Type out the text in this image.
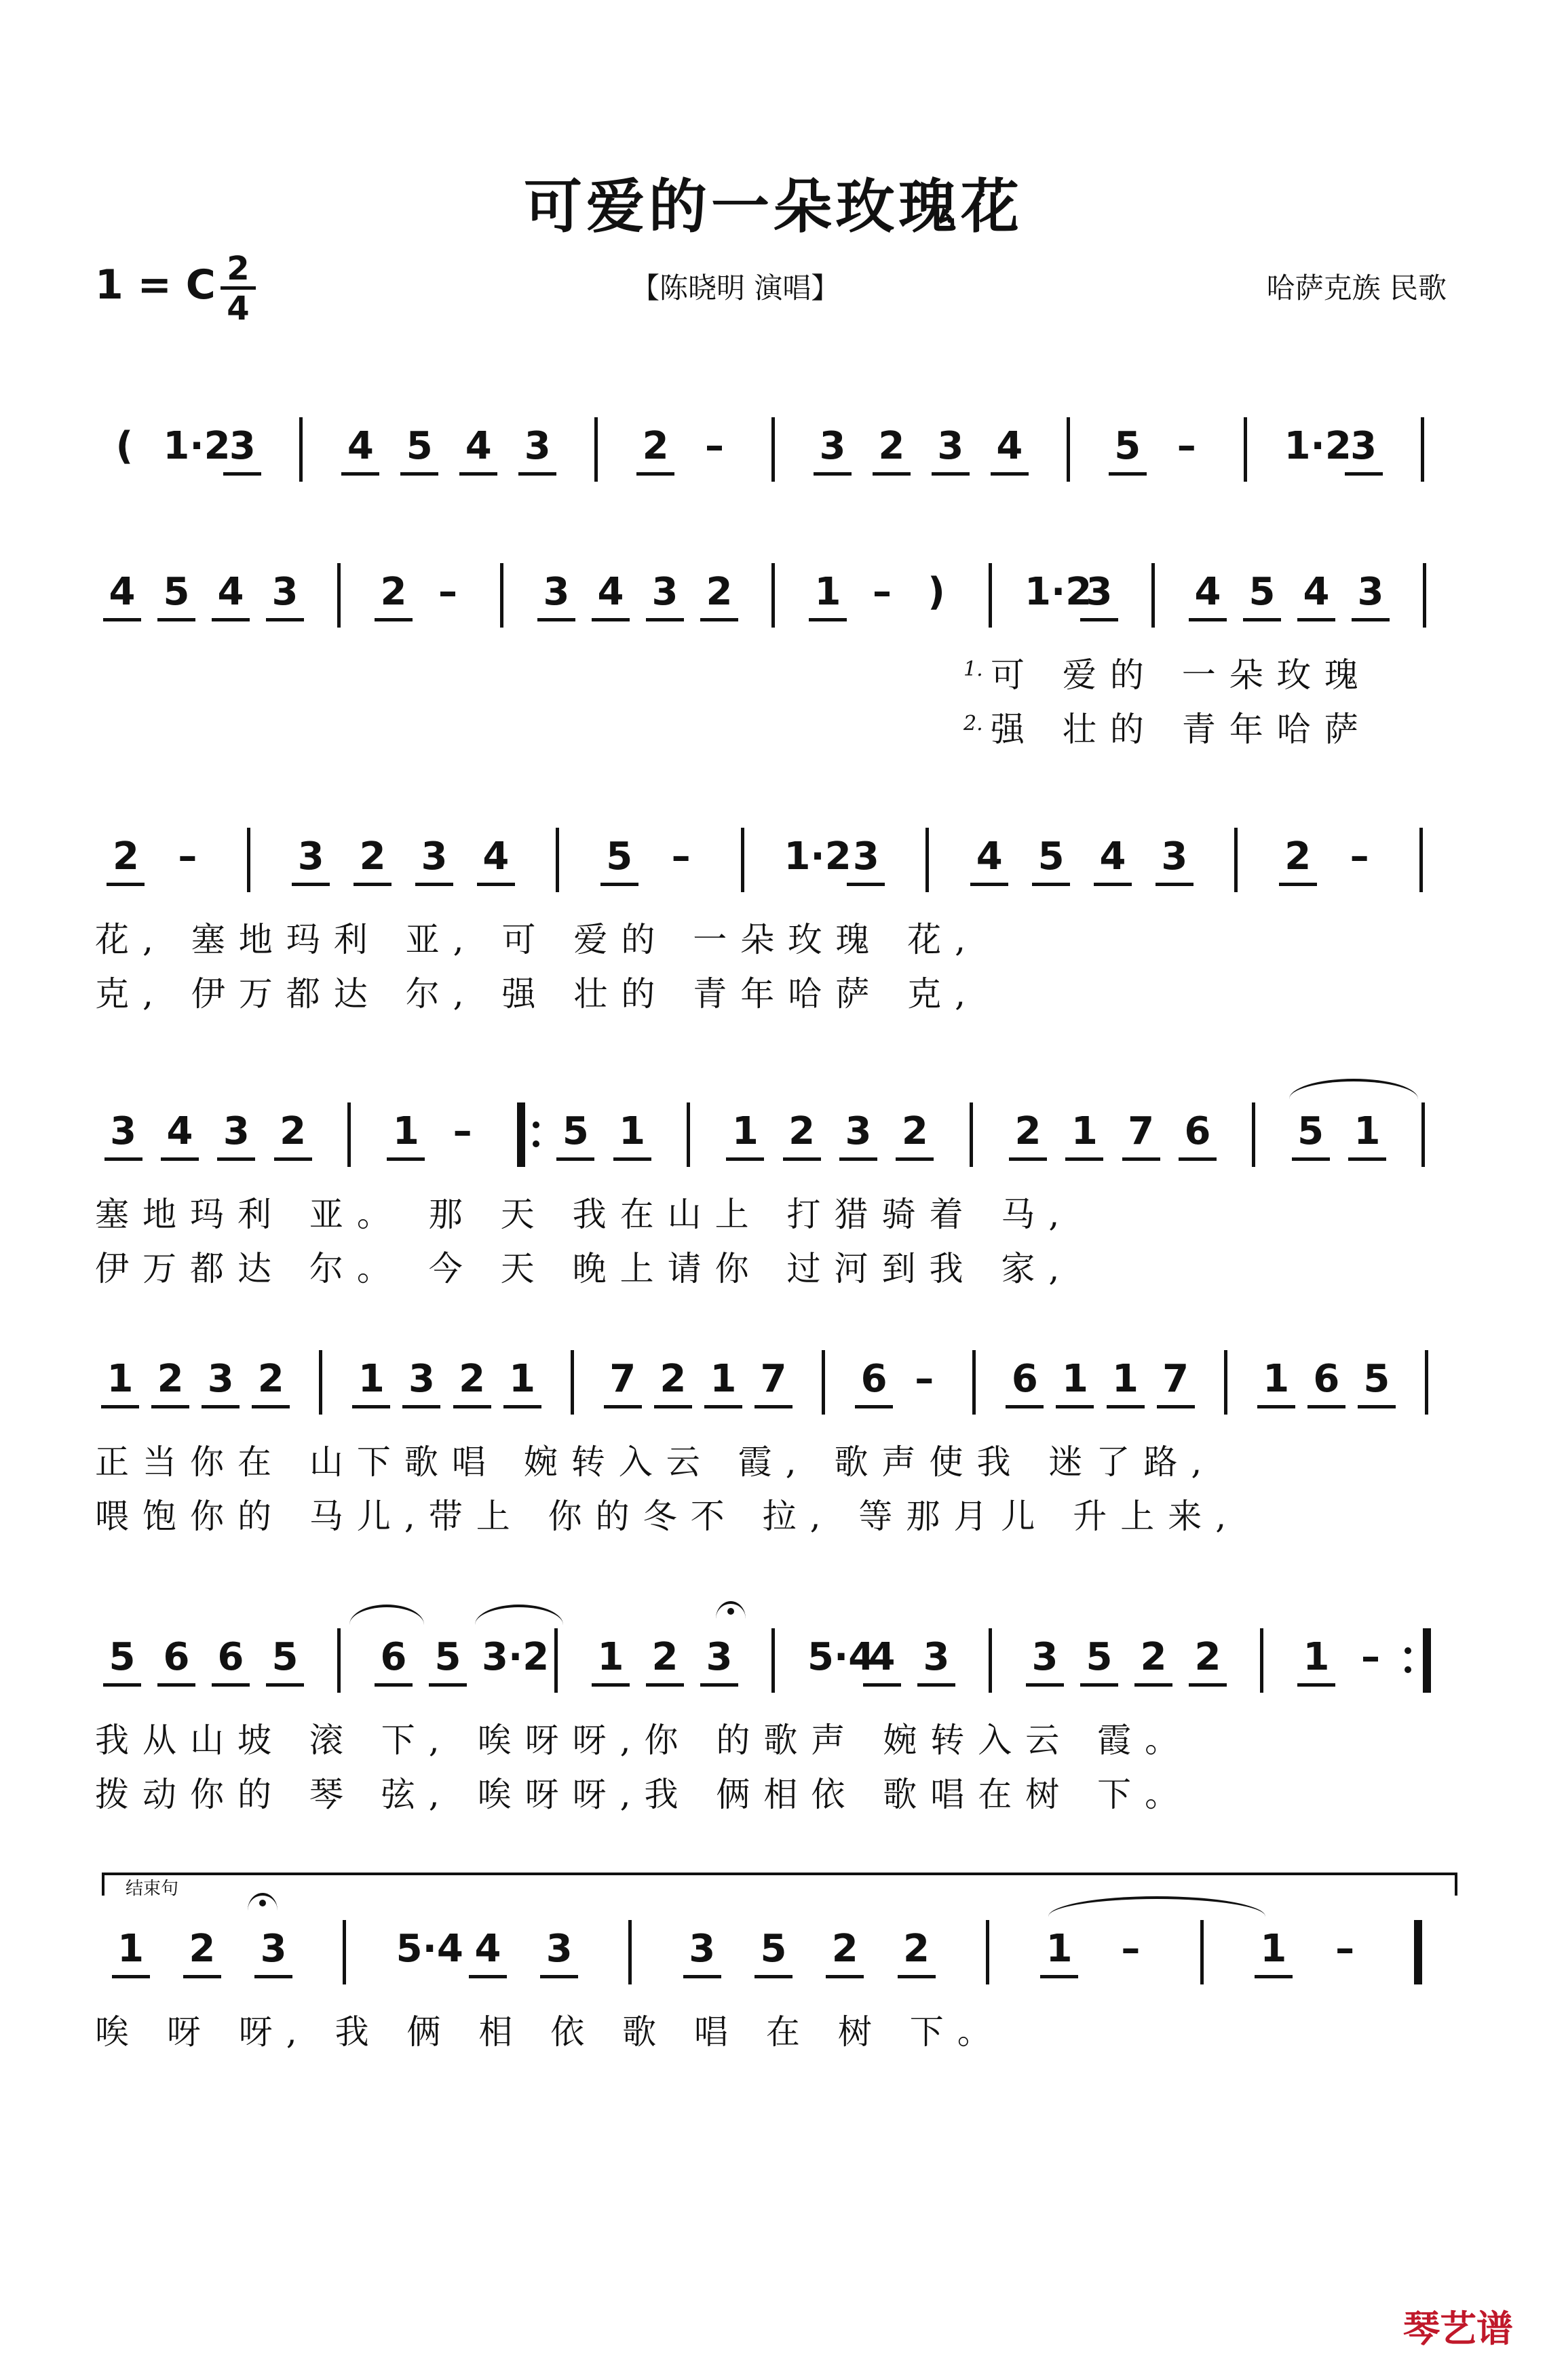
可爱的一朵玫瑰花
1 = C $\frac{2}{4}$	【陈晓明 演唱】	哈萨克族 民歌
( 1·2
3 4 5 4 3 2 –	3 2 3 4 5 – 1·2
3
4 5 4 3 2 – 3 4 3 2 1 – )	1·2
3 4 5 4 3
可 爱的 一朵玫瑰
1.
强 壮的 青年哈萨
2.
2 –	3 2 3 4	5 – 1·2 3	4 5 4 3	2 –
花, 塞地玛利 亚, 可 爱的 一朵玫瑰 花,
克, 伊万都达 尔, 强 壮的 青年哈萨 克,
3 4 3 2 1 – 5 1 1 2 3 2 2 1 7 6 5 1
塞地玛利 亚。 那 天 我在山上 打猎骑着 马,
伊万都达 尔。 今 天 晚上请你 过河到我 家,
1 2 3 2 1 3 2 1 7 2 1 7 6 – 6 1 1 7 1 6 5
正当你在 山下歌唱 婉转入云 霞, 歌声使我 迷了路,
喂饱你的 马儿,带上 你的冬不 拉, 等那月儿 升上来,
5 6 6 5 6 5 3·2 1 2 3 5·4
4 3 3 5 2 2 1 –
我从山坡 滚 下, 唉呀呀,你 的歌声 婉转入云 霞。
拨动你的 琴 弦, 唉呀呀,我 俩相依 歌唱在树 下。
1 2 3	5·4 4 3	3 5 2 2	1 –	1 –
结束句
唉 呀 呀, 我 俩 相 依 歌 唱 在 树 下。
琴艺谱
